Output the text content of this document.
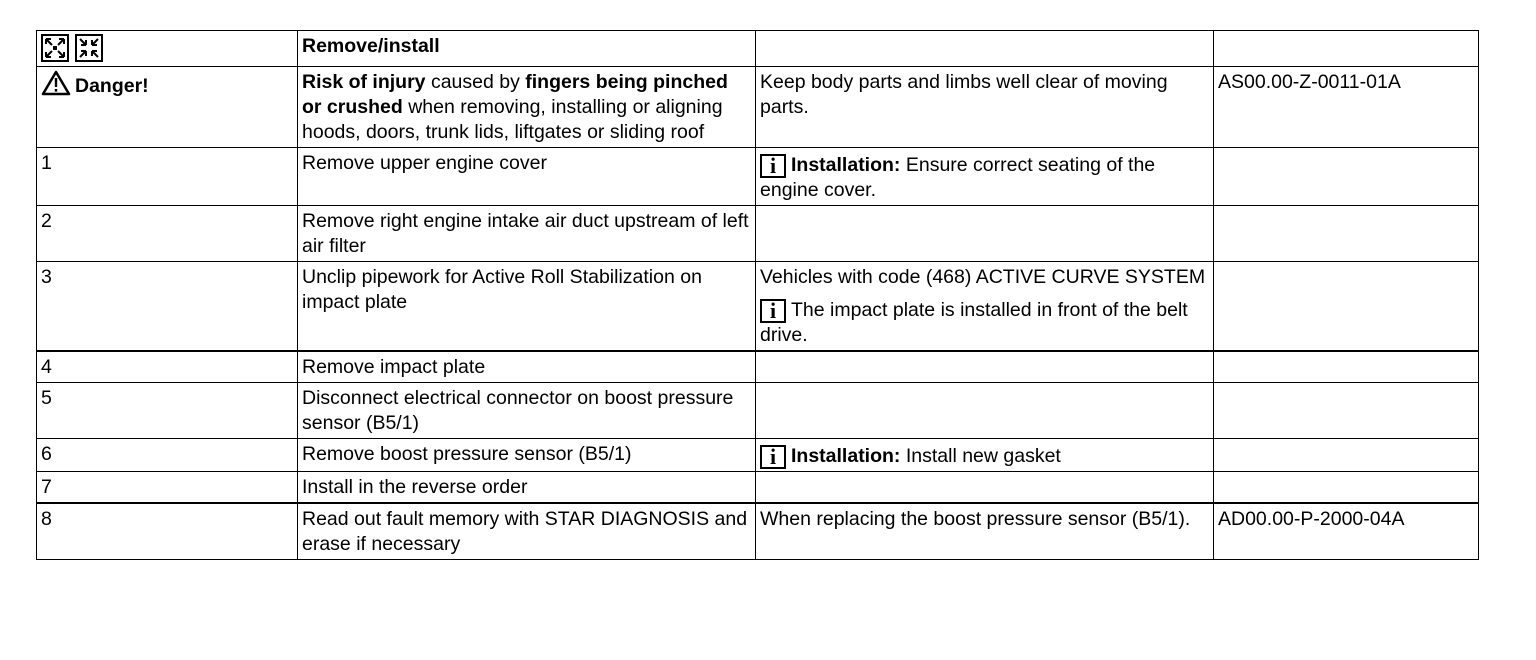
	Remove/install		
Danger!	Risk of injury caused by fingers being pinched or crushed when removing, installing or aligning hoods, doors, trunk lids, liftgates or sliding roof	Keep body parts and limbs well clear of moving parts.	AS00.00-Z-0011-01A
1	Remove upper engine cover	i Installation: Ensure correct seating of the engine cover.	
2	Remove right engine intake air duct upstream of left air filter		
3	Unclip pipework for Active Roll Stabilization on impact plate	Vehicles with code (468) ACTIVE CURVE SYSTEM

i The impact plate is installed in front of the belt drive.	

4	Remove impact plate		
5	Disconnect electrical connector on boost pressure sensor (B5/1)		
6	Remove boost pressure sensor (B5/1)	i Installation: Install new gasket	
7	Install in the reverse order		
8	Read out fault memory with STAR DIAGNOSIS and erase if necessary	When replacing the boost pressure sensor (B5/1).	AD00.00-P-2000-04A
